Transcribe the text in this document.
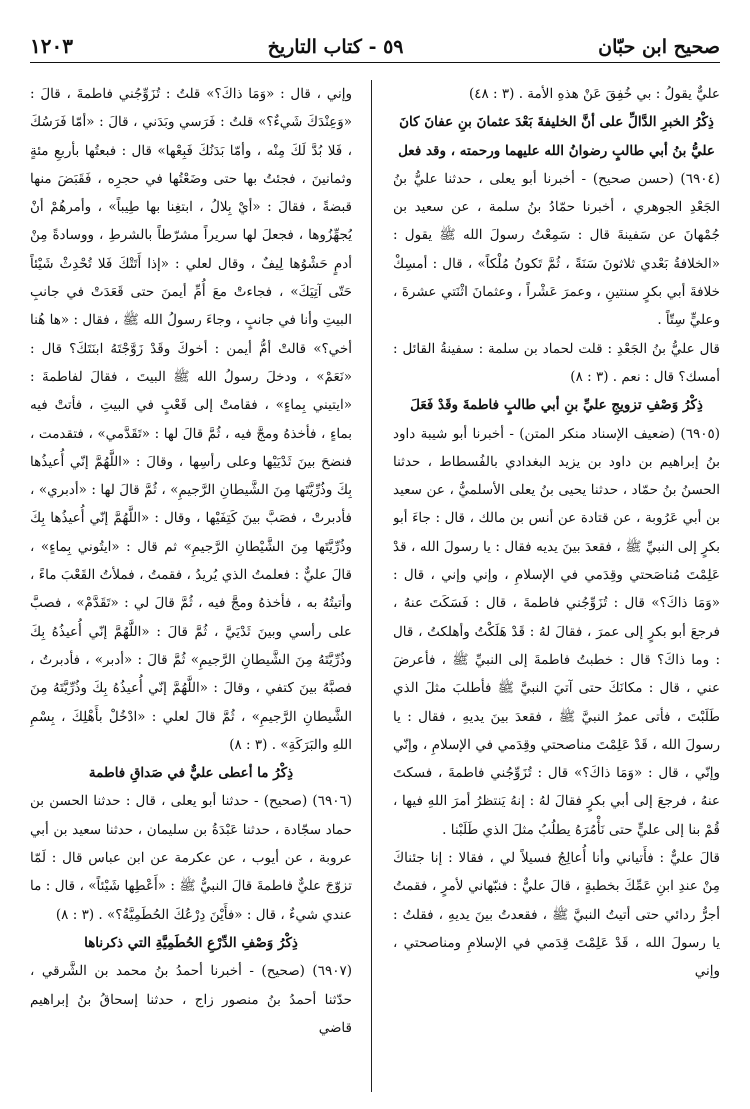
صحيح ابن حبّان
٥٩ - كتاب التاريخ
١٢٠٣

عليٌّ يقولُ : بي خُفِقَ عَنْ هذهِ الأمة . (٣ : ٤٨)

ذِكْرُ الخبرِ الدَّالِّ على أنَّ الخليفةَ بَعْدَ عثمانَ بنِ عفانَ كانَ عليُّ بنُ أبي طالبٍ رضوانُ الله عليهما ورحمته ، وقد فعل

(٦٩٠٤) (حسن صحيح) - أخبرنا أبو يعلى ، حدثنا عليُّ بنُ الجَعْدِ الجوهري ، أخبرنا حمّادُ بنُ سلمة ، عن سعيد بن جُمْهانَ عن سَفينةَ قال : سَمِعْتُ رسولَ الله ﷺ يقول : «الخلافةُ بَعْدي ثلاثونَ سَنَةً ، ثُمَّ تَكونُ مُلْكاً» ، قال : أمسِكْ خلافةَ أبي بكرٍ سنتينِ ، وعمرَ عَشْراً ، وعثمانَ اثْنَتي عشرةَ ، وعليٍّ سِتّاً .

قال عليُّ بنُ الجَعْدِ : قلت لحماد بن سلمة : سفينةُ القائل : أمسك؟ قال : نعم . (٣ : ٨)

ذِكْرُ وَصْفِ تزويجِ عليِّ بنِ أبي طالبٍ فاطمةَ وقَدْ فَعَلَ

(٦٩٠٥) (ضعيف الإسناد منكر المتن) - أخبرنا أبو شيبة داود بنُ إبراهيم بن داود بن يزيد البغدادي بالفُسطاط ، حدثنا الحسنُ بنُ حمّاد ، حدثنا يحيى بنُ يعلى الأسلميُّ ، عن سعيد بن أبي عَرُوبة ، عن قتادة عن أنس بن مالك ، قال : جاءَ أبو بكرٍ إلى النبيِّ ﷺ ، فقعدَ بينَ يديه فقال : يا رسولَ الله ، قدْ عَلِمْتَ مُناصَحتي وقِدَمي في الإسلامِ ، وإني وإني ، قال : «وَمَا ذاكَ؟» قال : تُزَوِّجُني فاطمةَ ، قال : فَسَكَتَ عنهُ ، فرجعَ أبو بكرٍ إلى عمرَ ، فقالَ لهُ : قَدْ هَلَكْتُ وأهلكتُ ، قال : وما ذاكَ؟ قال : خطبتُ فاطمةَ إلى النبيِّ ﷺ ، فأعرضَ عني ، قال : مكانَكَ حتى آتيَ النبيَّ ﷺ فأطلبَ مثلَ الذي طَلَبْتَ ، فأتى عمرُ النبيَّ ﷺ ، فقعدَ بينَ يديهِ ، فقال : يا رسولَ الله ، قَدْ عَلِمْتَ مناصحتي وقِدَمي في الإسلامِ ، وإنّي وإنّي ، قال : «وَمَا ذاكَ؟» قال : تُزَوِّجُني فاطمةَ ، فسكتَ عنهُ ، فرجعَ إلى أبي بكرٍ فقالَ لهُ : إنهُ يَنتظرُ أمرَ اللهِ فيها ، قُمْ بنا إلى عليٍّ حتى نَأْمُرَهُ يطلُبُ مثلَ الذي طَلَبْنا .

قالَ عليٌّ : فأَتياني وأنا أُعالِجُ فسيلاً لي ، فقالا : إنا جئناكَ مِنْ عندِ ابنِ عَمِّكَ بخطبةٍ ، قالَ عليٌّ : فنبّهاني لأمرٍ ، فقمتُ أجرُّ ردائي حتى أتيتُ النبيَّ ﷺ ، فقعدتُ بينَ يديهِ ، فقلتُ : يا رسولَ الله ، قَدْ عَلِمْتَ قِدَمي في الإسلامِ ومناصحتي ، وإني

وإني ، قال : «وَمَا ذاكَ؟» قلتُ : تُزَوِّجُني فاطمةَ ، قالَ : «وَعِنْدَكَ شَيءٌ؟» قلتُ : فَرَسي وبَدَني ، قالَ : «أمّا فَرَسُكَ ، فَلا بُدَّ لَكَ مِنْه ، وأمّا بَدَنُكَ فَبِعْها» قال : فبعتُها بأربعِ مئةٍ وثمانينَ ، فجئتُ بها حتى وضَعْتُها في حجرِه ، فَقَبَضَ منها قبضةً ، فقالَ : «أيْ بِلالُ ، ابتغِنا بها طِيباً» ، وأمرهُمْ أنْ يُجهِّزُوها ، فجعلَ لها سريراً مشرّطاً بالشرطِ ، ووسادةً مِنْ أدمٍ حَشْوُها لِيفٌ ، وقال لعلي : «إذا أَتَتْكَ فَلا تُحْدِثْ شَيْئاً حَتّى آتِيَكَ» ، فجاءتْ معَ أُمِّ أيمنَ حتى قَعَدَتْ في جانبِ البيتِ وأنا في جانبٍ ، وجاءَ رسولُ الله ﷺ ، فقال : «ها هُنا أخي؟» قالتْ أمُّ أيمن : أخوكَ وقَدْ زَوَّجْتَهُ ابنَتَكَ؟ قال : «نَعَمْ» ، ودخلَ رسولُ الله ﷺ البيتَ ، فقالَ لفاطمةَ : «ايتيني بِماءٍ» ، فقامتْ إلى قَعْبٍ في البيتِ ، فأتتْ فيه بماءٍ ، فأخذهُ ومجَّ فيه ، ثُمَّ قالَ لها : «تَقَدَّمي» ، فتقدمت ، فنضحَ بينَ ثَدْيَيْها وعلى رأسِها ، وقالَ : «اللَّهُمَّ إنّي أُعيذُها بِكَ وذُرِّيَّتَها مِنَ الشَّيطانِ الرَّجيمِ» ، ثُمَّ قالَ لها : «أدبري» ، فأدبرتْ ، فصَبَّ بينَ كَتِفَيْها ، وقال : «اللَّهُمَّ إنّي أُعيذُها بِكَ وذُرِّيَّتَها مِنَ الشَّيْطانِ الرَّجيمِ» ثم قال : «ايتُوني بِماءٍ» ، قالَ عليٌّ : فعلمتُ الذي يُريدُ ، فقمتُ ، فملأتُ القَعْبَ ماءً ، وأتيتُهُ به ، فأخذهُ ومجَّ فيه ، ثُمَّ قالَ لي : «تَقَدَّمْ» ، فصبَّ على رأسي وبينَ ثَدْيَيَّ ، ثُمَّ قالَ : «اللَّهُمَّ إنّي أُعيذُهُ بِكَ وذُرِّيَّتَهُ مِنَ الشَّيطانِ الرَّجيمِ» ثُمَّ قالَ : «أدبر» ، فأدبرتُ ، فصبَّهُ بينَ كتفي ، وقالَ : «اللَّهُمَّ إنّي أُعيذُهُ بِكَ وذُرِّيَّتَهُ مِنَ الشَّيطانِ الرَّجيمِ» ، ثُمَّ قالَ لعلي : «ادْخُلْ بأَهْلِكَ ، بِسْمِ اللهِ والبَرَكَةِ» . (٣ : ٨)

ذِكْرُ ما أعطى عليٌّ في صَداقِ فاطمة

(٦٩٠٦) (صحيح) - حدثنا أبو يعلى ، قال : حدثنا الحسن بن حماد سجّادة ، حدثنا عَبْدَةُ بن سليمان ، حدثنا سعيد بن أبي عروبة ، عن أيوب ، عن عكرمة عن ابن عباس قال : لَمّا تزوّجَ عليٌّ فاطمةَ قالَ النبيُّ ﷺ : «أَعْطِها شَيْئاً» ، قال : ما عندي شيءٌ ، قال : «فأَيْنَ دِرْعُكَ الحُطَمِيَّةُ؟» . (٣ : ٨)

ذِكْرُ وَصْفِ الدِّرْعِ الحُطَمِيَّةِ التي ذكرناها

(٦٩٠٧) (صحيح) - أخبرنا أحمدُ بنُ محمد بن الشَّرقي ، حدّثنا أحمدُ بنُ منصور زاج ، حدثنا إسحاقُ بنُ إبراهيم قاضي
